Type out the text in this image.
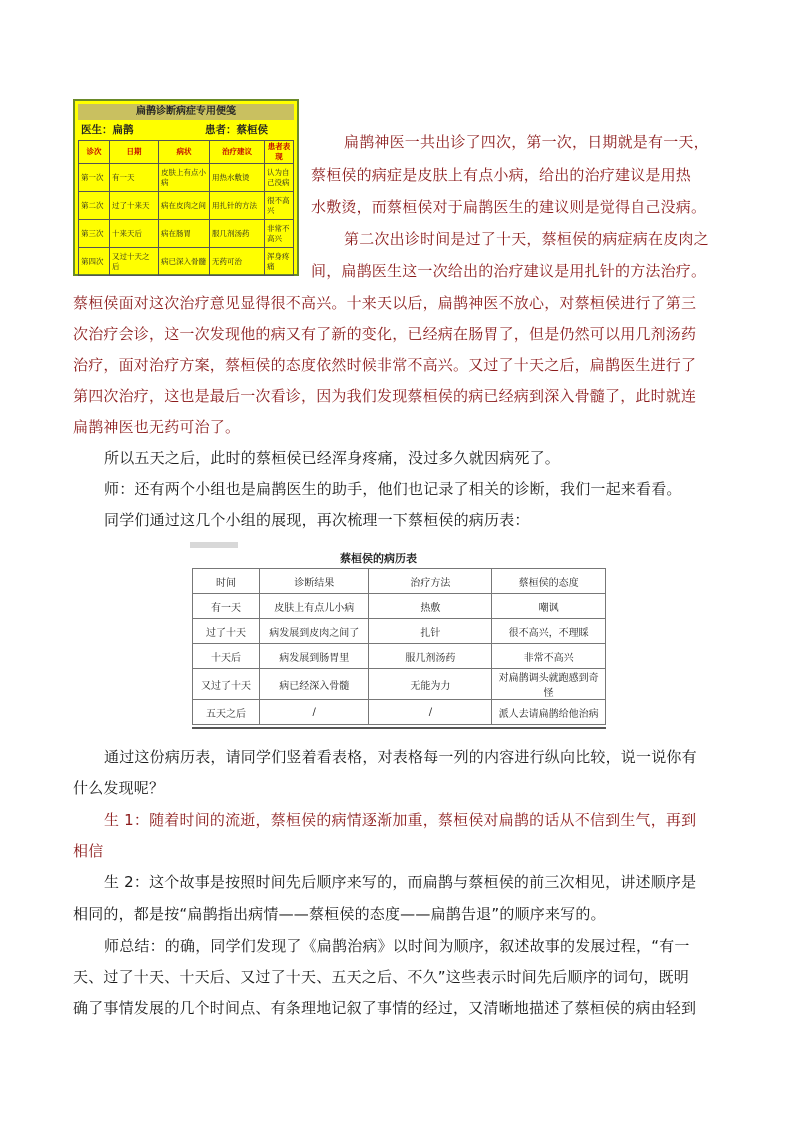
扁鹊诊断病症专用便笺
医生：扁鹊	患者：蔡桓侯
诊次	日期	病状	治疗建议	患者表现
第一次	有一天	皮肤上有点小病	用热水敷烫	认为自己没病
第二次	过了十来天	病在皮肉之间	用扎针的方法	很不高兴
第三次	十来天后	病在肠胃	服几剂汤药	非常不高兴
第四次	又过十天之后	病已深入骨髓	无药可治	浑身疼痛
扁鹊神医一共出诊了四次，第一次，日期就是有一天，
蔡桓侯的病症是皮肤上有点小病，给出的治疗建议是用热
水敷烫，而蔡桓侯对于扁鹊医生的建议则是觉得自己没病。
第二次出诊时间是过了十天，蔡桓侯的病症病在皮肉之
间，扁鹊医生这一次给出的治疗建议是用扎针的方法治疗。
蔡桓侯面对这次治疗意见显得很不高兴。十来天以后，扁鹊神医不放心，对蔡桓侯进行了第三
次治疗会诊，这一次发现他的病又有了新的变化，已经病在肠胃了，但是仍然可以用几剂汤药
治疗，面对治疗方案，蔡桓侯的态度依然时候非常不高兴。又过了十天之后，扁鹊医生进行了
第四次治疗，这也是最后一次看诊，因为我们发现蔡桓侯的病已经病到深入骨髓了，此时就连
扁鹊神医也无药可治了。
所以五天之后，此时的蔡桓侯已经浑身疼痛，没过多久就因病死了。
师：还有两个小组也是扁鹊医生的助手，他们也记录了相关的诊断，我们一起来看看。
同学们通过这几个小组的展现，再次梳理一下蔡桓侯的病历表：
蔡桓侯的病历表
时间	诊断结果	治疗方法	蔡桓侯的态度
有一天	皮肤上有点儿小病	热敷	嘲讽
过了十天	病发展到皮肉之间了	扎针	很不高兴，不理睬
十天后	病发展到肠胃里	服几剂汤药	非常不高兴
又过了十天	病已经深入骨髓	无能为力	对扁鹊调头就跑感到奇怪
五天之后	/	/	派人去请扁鹊给他治病
通过这份病历表，请同学们竖着看表格，对表格每一列的内容进行纵向比较，说一说你有
什么发现呢？
生 1：随着时间的流逝，蔡桓侯的病情逐渐加重，蔡桓侯对扁鹊的话从不信到生气，再到
相信
生 2：这个故事是按照时间先后顺序来写的，而扁鹊与蔡桓侯的前三次相见，讲述顺序是
相同的，都是按“扁鹊指出病情——蔡桓侯的态度——扁鹊告退”的顺序来写的。
师总结：的确，同学们发现了《扁鹊治病》以时间为顺序，叙述故事的发展过程，“有一
天、过了十天、十天后、又过了十天、五天之后、不久”这些表示时间先后顺序的词句，既明
确了事情发展的几个时间点、有条理地记叙了事情的经过，又清晰地描述了蔡桓侯的病由轻到
